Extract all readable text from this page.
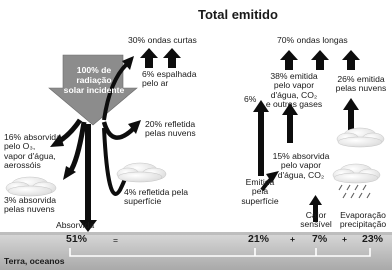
Total emitido
100% de
radiação
solar incidente
30% ondas curtas	70% ondas longas
6% espalhada
pelo ar
20% refletida
pelas nuvens
4% refletida pela
superfície
16% absorvida
pelo O₃,
vapor d'água,
aerossóis
3% absorvida
pelas nuvens
Absorvida
38% emitida
pelo vapor
d'água, CO₂
e outros gases
26% emitida
pelas nuvens
6%
15% absorvida
pelo vapor
d'água, CO₂
Emitida
pela
superfície
Calor
sensível
Evaporação
precipitação
51%	=	21% + 7% + 23%
Terra, oceanos
